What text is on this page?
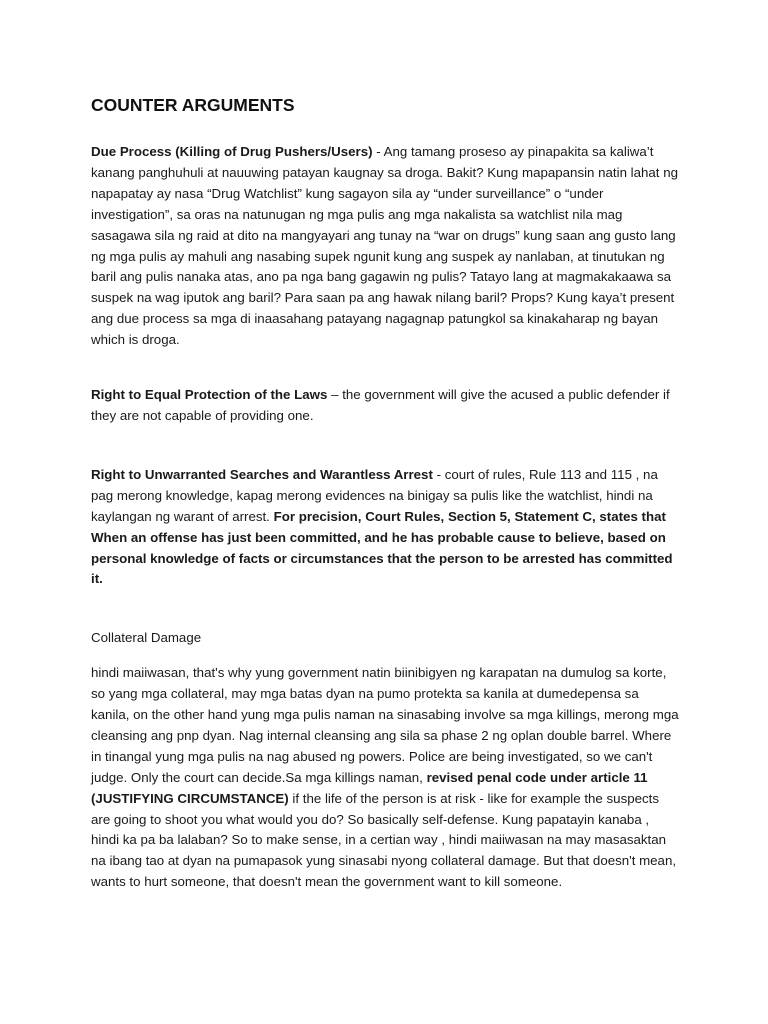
COUNTER ARGUMENTS

Due Process (Killing of Drug Pushers/Users) - Ang tamang proseso ay pinapakita sa kaliwa’t kanang panghuhuli at nauuwing patayan kaugnay sa droga. Bakit? Kung mapapansin natin lahat ng napapatay ay nasa “Drug Watchlist” kung sagayon sila ay “under surveillance” o “under investigation”, sa oras na natunugan ng mga pulis ang mga nakalista sa watchlist nila mag sasagawa sila ng raid at dito na mangyayari ang tunay na “war on drugs” kung saan ang gusto lang ng mga pulis ay mahuli ang nasabing supek ngunit kung ang suspek ay nanlaban, at tinutukan ng baril ang pulis nanaka atas, ano pa nga bang gagawin ng pulis? Tatayo lang at magmakakaawa sa suspek na wag iputok ang baril? Para saan pa ang hawak nilang baril? Props? Kung kaya’t present ang due process sa mga di inaasahang patayang nagagnap patungkol sa kinakaharap ng bayan which is droga.

Right to Equal Protection of the Laws – the government will give the acused a public defender if they are not capable of providing one.

Right to Unwarranted Searches and Warantless Arrest - court of rules, Rule 113 and 115 , na pag merong knowledge, kapag merong evidences na binigay sa pulis like the watchlist, hindi na kaylangan ng warant of arrest. For precision, Court Rules, Section 5, Statement C, states that When an offense has just been committed, and he has probable cause to believe, based on personal knowledge of facts or circumstances that the person to be arrested has committed it.

Collateral Damage

hindi maiiwasan, that's why yung government natin biinibigyen ng karapatan na dumulog sa korte, so yang mga collateral, may mga batas dyan na pumo protekta sa kanila at dumedepensa sa kanila, on the other hand yung mga pulis naman na sinasabing involve sa mga killings, merong mga cleansing ang pnp dyan. Nag internal cleansing ang sila sa phase 2 ng oplan double barrel. Where in tinangal yung mga pulis na nag abused ng powers. Police are being investigated, so we can't judge. Only the court can decide.Sa mga killings naman, revised penal code under article 11 (JUSTIFYING CIRCUMSTANCE) if the life of the person is at risk - like for example the suspects are going to shoot you what would you do? So basically self-defense. Kung papatayin kanaba , hindi ka pa ba lalaban? So to make sense, in a certian way , hindi maiiwasan na may masasaktan na ibang tao at dyan na pumapasok yung sinasabi nyong collateral damage. But that doesn't mean, wants to hurt someone, that doesn't mean the government want to kill someone.
